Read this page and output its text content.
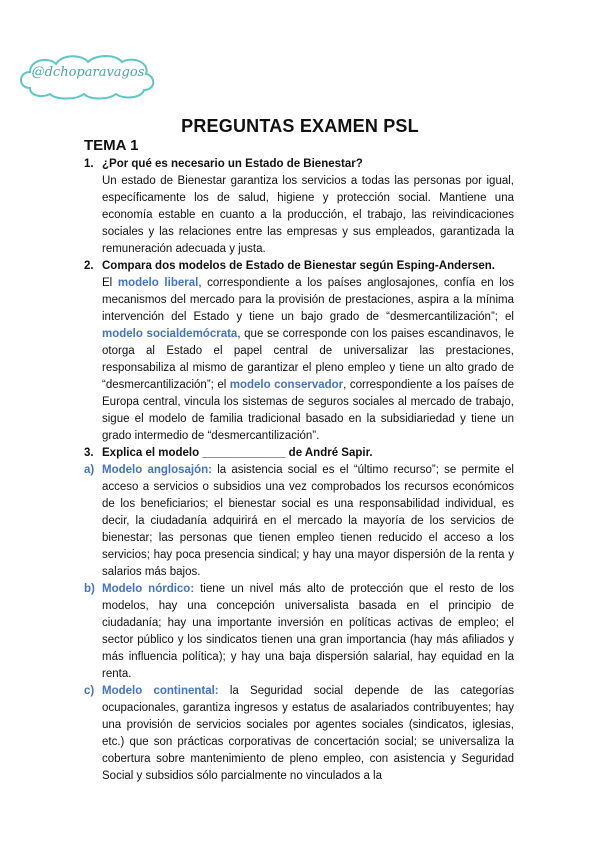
@dchoparavagos
PREGUNTAS EXAMEN PSL
TEMA 1
1. ¿Por qué es necesario un Estado de Bienestar?
Un estado de Bienestar garantiza los servicios a todas las personas por igual, específicamente los de salud, higiene y protección social. Mantiene una economía estable en cuanto a la producción, el trabajo, las reivindicaciones sociales y las relaciones entre las empresas y sus empleados, garantizada la remuneración adecuada y justa.
2. Compara dos modelos de Estado de Bienestar según Esping-Andersen.
El modelo liberal, correspondiente a los países anglosajones, confía en los mecanismos del mercado para la provisión de prestaciones, aspira a la mínima intervención del Estado y tiene un bajo grado de “desmercantilización”; el modelo socialdemócrata, que se corresponde con los paises escandinavos, le otorga al Estado el papel central de universalizar las prestaciones, responsabiliza al mismo de garantizar el pleno empleo y tiene un alto grado de “desmercantilización”; el modelo conservador, correspondiente a los países de Europa central, vincula los sistemas de seguros sociales al mercado de trabajo, sigue el modelo de familia tradicional basado en la subsidiariedad y tiene un grado intermedio de “desmercantilización”.
3. Explica el modelo _____________ de André Sapir.
a) Modelo anglosajón: la asistencia social es el “último recurso”; se permite el acceso a servicios o subsidios una vez comprobados los recursos económicos de los beneficiarios; el bienestar social es una responsabilidad individual, es decir, la ciudadanía adquirirá en el mercado la mayoría de los servicios de bienestar; las personas que tienen empleo tienen reducido el acceso a los servicios; hay poca presencia sindical; y hay una mayor dispersión de la renta y salarios más bajos.
b) Modelo nórdico: tiene un nivel más alto de protección que el resto de los modelos, hay una concepción universalista basada en el principio de ciudadanía; hay una importante inversión en políticas activas de empleo; el sector público y los sindicatos tienen una gran importancia (hay más afiliados y más influencia política); y hay una baja dispersión salarial, hay equidad en la renta.
c) Modelo continental: la Seguridad social depende de las categorías ocupacionales, garantiza ingresos y estatus de asalariados contribuyentes; hay una provisión de servicios sociales por agentes sociales (sindicatos, iglesias, etc.) que son prácticas corporativas de concertación social; se universaliza la cobertura sobre mantenimiento de pleno empleo, con asistencia y Seguridad Social y subsidios sólo parcialmente no vinculados a la
